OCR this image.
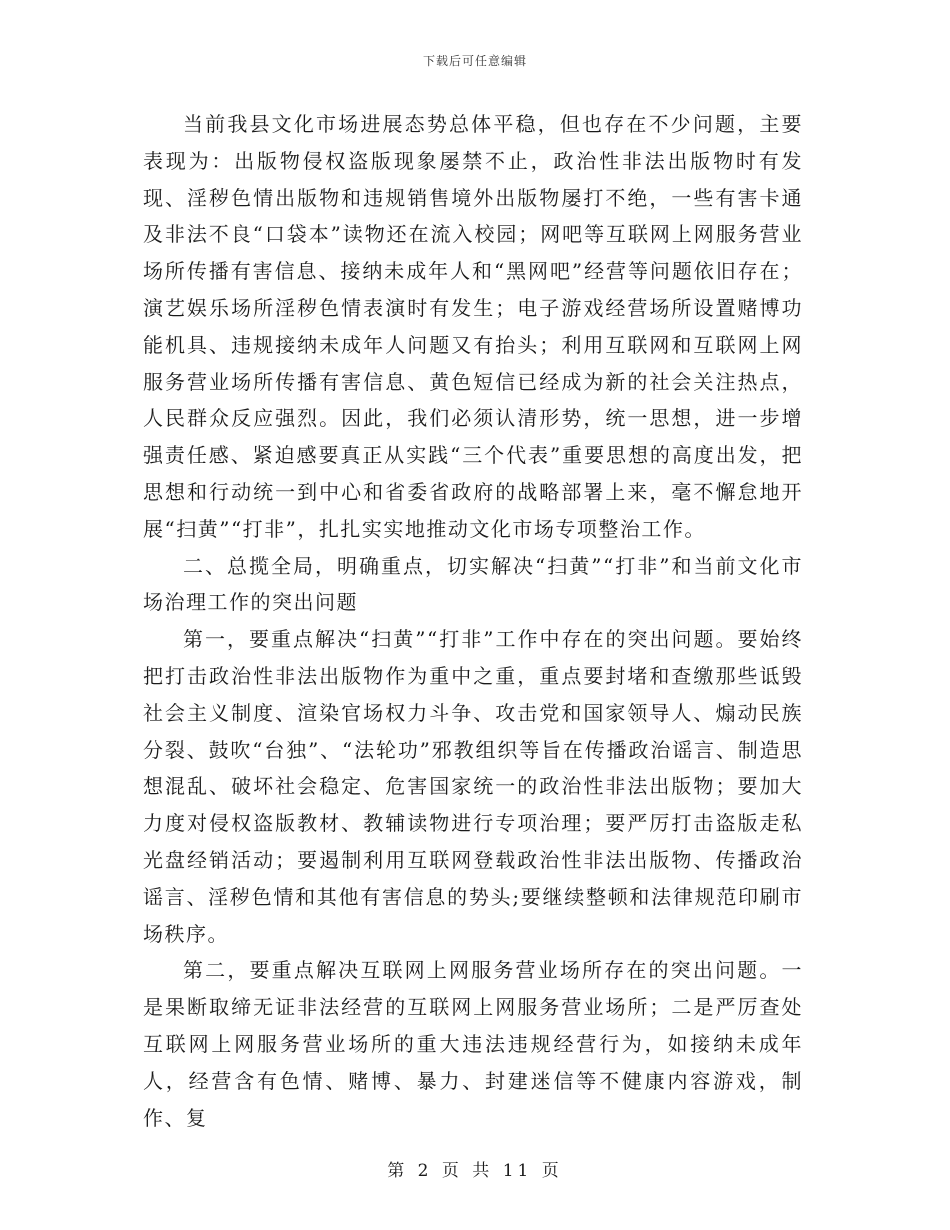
下载后可任意编辑

当前我县文化市场进展态势总体平稳，但也存在不少问题，主要表现为：出版物侵权盗版现象屡禁不止，政治性非法出版物时有发现、淫秽色情出版物和违规销售境外出版物屡打不绝，一些有害卡通及非法不良“口袋本”读物还在流入校园；网吧等互联网上网服务营业场所传播有害信息、接纳未成年人和“黑网吧”经营等问题依旧存在；演艺娱乐场所淫秽色情表演时有发生；电子游戏经营场所设置赌博功能机具、违规接纳未成年人问题又有抬头；利用互联网和互联网上网服务营业场所传播有害信息、黄色短信已经成为新的社会关注热点，人民群众反应强烈。因此，我们必须认清形势，统一思想，进一步增强责任感、紧迫感要真正从实践“三个代表”重要思想的高度出发，把思想和行动统一到中心和省委省政府的战略部署上来，毫不懈怠地开展“扫黄”“打非”，扎扎实实地推动文化市场专项整治工作。

二、总揽全局，明确重点，切实解决“扫黄”“打非”和当前文化市场治理工作的突出问题

第一，要重点解决“扫黄”“打非”工作中存在的突出问题。要始终把打击政治性非法出版物作为重中之重，重点要封堵和查缴那些诋毁社会主义制度、渲染官场权力斗争、攻击党和国家领导人、煽动民族分裂、鼓吹“台独”、“法轮功”邪教组织等旨在传播政治谣言、制造思想混乱、破坏社会稳定、危害国家统一的政治性非法出版物；要加大力度对侵权盗版教材、教辅读物进行专项治理；要严厉打击盗版走私光盘经销活动；要遏制利用互联网登载政治性非法出版物、传播政治谣言、淫秽色情和其他有害信息的势头;要继续整顿和法律规范印刷市场秩序。

第二，要重点解决互联网上网服务营业场所存在的突出问题。一是果断取缔无证非法经营的互联网上网服务营业场所；二是严厉查处互联网上网服务营业场所的重大违法违规经营行为，如接纳未成年人，经营含有色情、赌博、暴力、封建迷信等不健康内容游戏，制作、复

第 2 页 共 11 页
